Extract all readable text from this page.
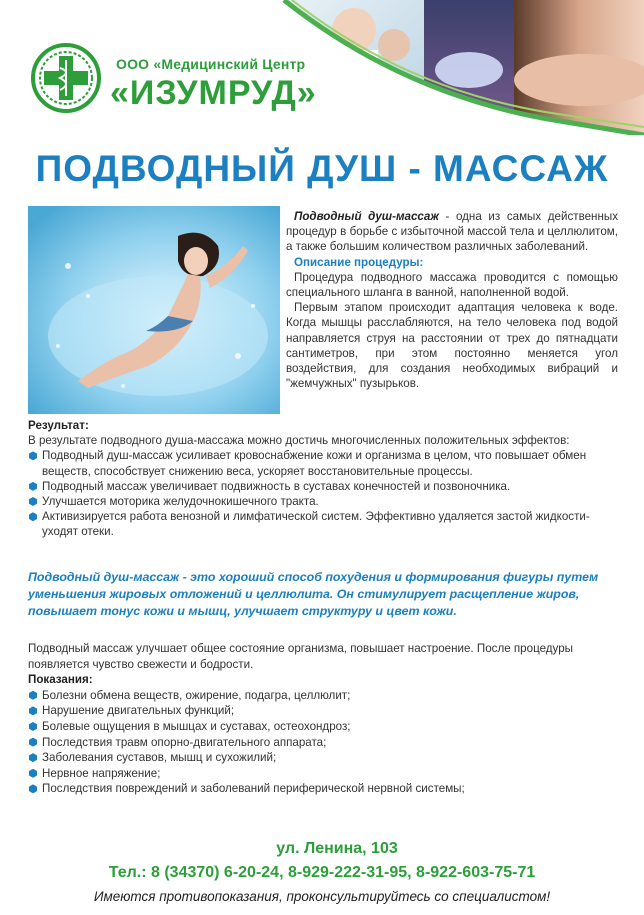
ООО «Медицинский Центр
«ИЗУМРУД»
ПОДВОДНЫЙ ДУШ - МАССАЖ

Подводный душ-массаж - одна из самых действенных процедур в борьбе с избыточной массой тела и целлюлитом, а также большим количеством различных заболеваний.

Описание процедуры:

Процедура подводного массажа проводится с помощью специального шланга в ванной, наполненной водой.

Первым этапом происходит адаптация человека к воде. Когда мышцы расслабляются, на тело человека под водой направляется струя на расстоянии от трех до пятнадцати сантиметров, при этом постоянно меняется угол воздействия, для создания необходимых вибраций и "жемчужных" пузырьков.

Результат:
В результате подводного душа-массажа можно достичь многочисленных положительных эффектов:
Подводный душ-массаж усиливает кровоснабжение кожи и организма в целом, что повышает обмен веществ, способствует снижению веса, ускоряет восстановительные процессы.
Подводный массаж увеличивает подвижность в суставах конечностей и позвоночника.
Улучшается моторика желудочнокишечного тракта.
Активизируется работа венозной и лимфатической систем. Эффективно удаляется застой жидкости- уходят отеки.
Подводный душ-массаж - это хороший способ похудения и формирования фигуры путем уменьшения жировых отложений и целлюлита. Он стимулирует расщепление жиров, повышает тонус кожи и мышц, улучшает структуру и цвет кожи.
Подводный массаж улучшает общее состояние организма, повышает настроение. После процедуры появляется чувство свежести и бодрости.
Показания:
Болезни обмена веществ, ожирение, подагра, целлюлит;
Нарушение двигательных функций;
Болевые ощущения в мышцах и суставах, остеохондроз;
Последствия травм опорно-двигательного аппарата;
Заболевания суставов, мышц и сухожилий;
Нервное напряжение;
Последствия повреждений и заболеваний периферической нервной системы;
ул. Ленина, 103
Тел.: 8 (34370) 6-20-24, 8-929-222-31-95, 8-922-603-75-71
Имеются противопоказания, проконсультируйтесь со специалистом!
